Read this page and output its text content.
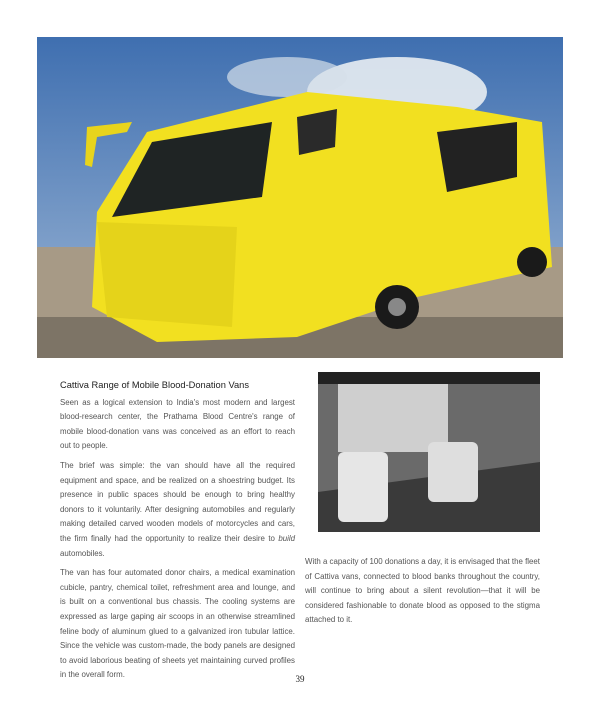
Cattiva Range of Mobile Blood-Donation Vans

Seen as a logical extension to India's most modern and largest blood-research center, the Prathama Blood Centre's range of mobile blood-donation vans was conceived as an effort to reach out to people.

The brief was simple: the van should have all the required equipment and space, and be realized on a shoestring budget. Its presence in public spaces should be enough to bring healthy donors to it voluntarily. After designing automobiles and regularly making detailed carved wooden models of motorcycles and cars, the firm finally had the opportunity to realize their desire to build automobiles.

The van has four automated donor chairs, a medical examination cubicle, pantry, chemical toilet, refreshment area and lounge, and is built on a conventional bus chassis. The cooling systems are expressed as large gaping air scoops in an otherwise streamlined feline body of aluminum glued to a galvanized iron tubular lattice. Since the vehicle was custom-made, the body panels are designed to avoid laborious beating of sheets yet maintaining curved profiles in the overall form.

With a capacity of 100 donations a day, it is envisaged that the fleet of Cattiva vans, connected to blood banks throughout the country, will continue to bring about a silent revolution—that it will be considered fashionable to donate blood as opposed to the stigma attached to it.

39
